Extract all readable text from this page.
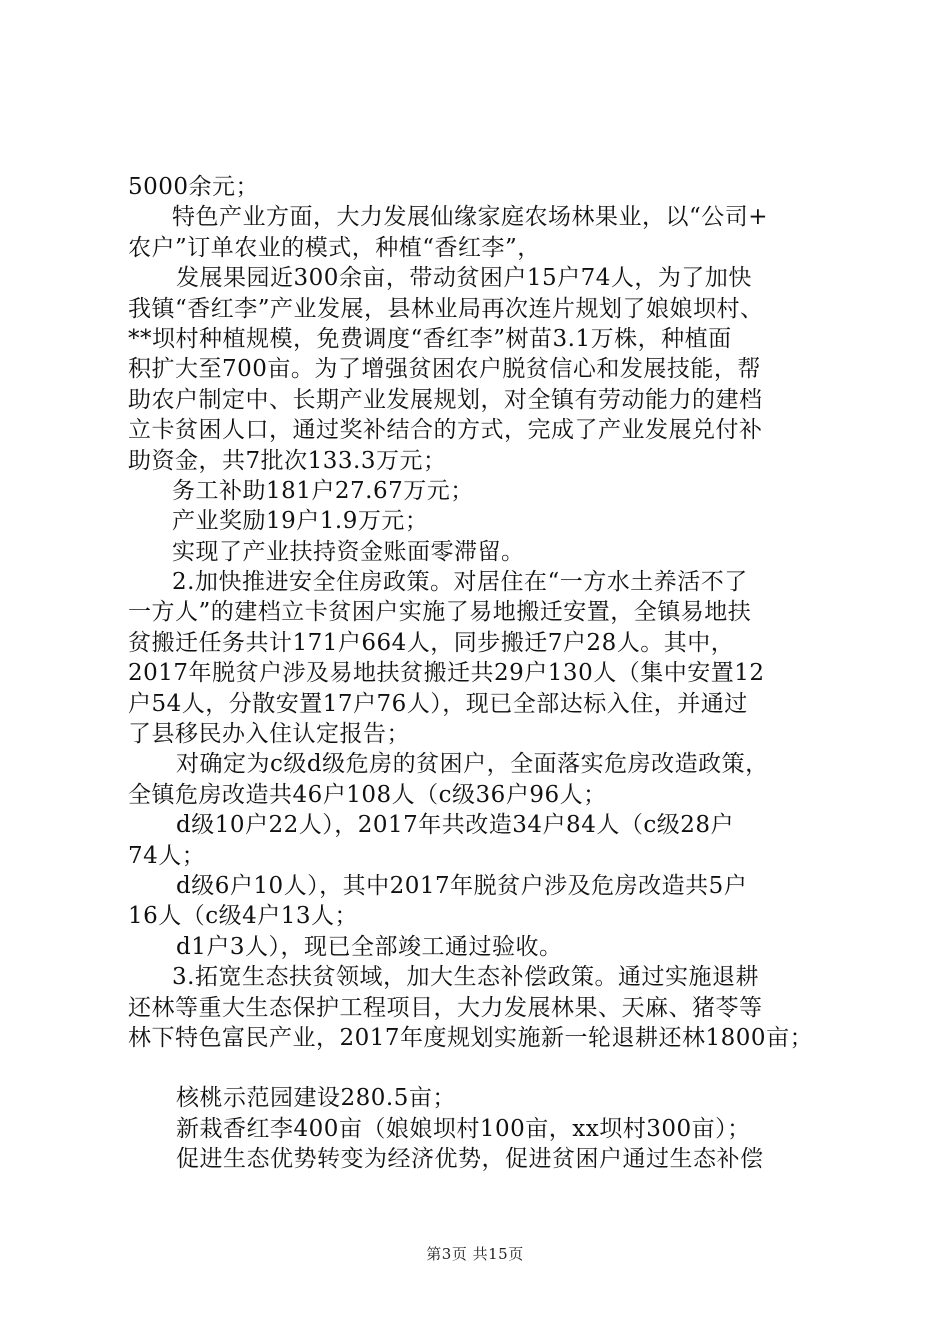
5000余元；
特色产业方面，大力发展仙缘家庭农场林果业，以“公司+
农户”订单农业的模式，种植“香红李”，
发展果园近300余亩，带动贫困户15户74人，为了加快
我镇“香红李”产业发展，县林业局再次连片规划了娘娘坝村、
**坝村种植规模，免费调度“香红李”树苗3.1万株，种植面
积扩大至700亩。为了增强贫困农户脱贫信心和发展技能，帮
助农户制定中、长期产业发展规划，对全镇有劳动能力的建档
立卡贫困人口，通过奖补结合的方式，完成了产业发展兑付补
助资金，共7批次133.3万元；
务工补助181户27.67万元；
产业奖励19户1.9万元；
实现了产业扶持资金账面零滞留。
2.加快推进安全住房政策。对居住在“一方水土养活不了
一方人”的建档立卡贫困户实施了易地搬迁安置，全镇易地扶
贫搬迁任务共计171户664人，同步搬迁7户28人。其中，
2017年脱贫户涉及易地扶贫搬迁共29户130人（集中安置12
户54人，分散安置17户76人），现已全部达标入住，并通过
了县移民办入住认定报告；
对确定为c级d级危房的贫困户，全面落实危房改造政策，
全镇危房改造共46户108人（c级36户96人；
d级10户22人），2017年共改造34户84人（c级28户
74人；
d级6户10人），其中2017年脱贫户涉及危房改造共5户
16人（c级4户13人；
d1户3人），现已全部竣工通过验收。
3.拓宽生态扶贫领域，加大生态补偿政策。通过实施退耕
还林等重大生态保护工程项目，大力发展林果、天麻、猪苓等
林下特色富民产业，2017年度规划实施新一轮退耕还林1800亩；
核桃示范园建设280.5亩；
新栽香红李400亩（娘娘坝村100亩，xx坝村300亩）；
促进生态优势转变为经济优势，促进贫困户通过生态补偿
第3页 共15页
